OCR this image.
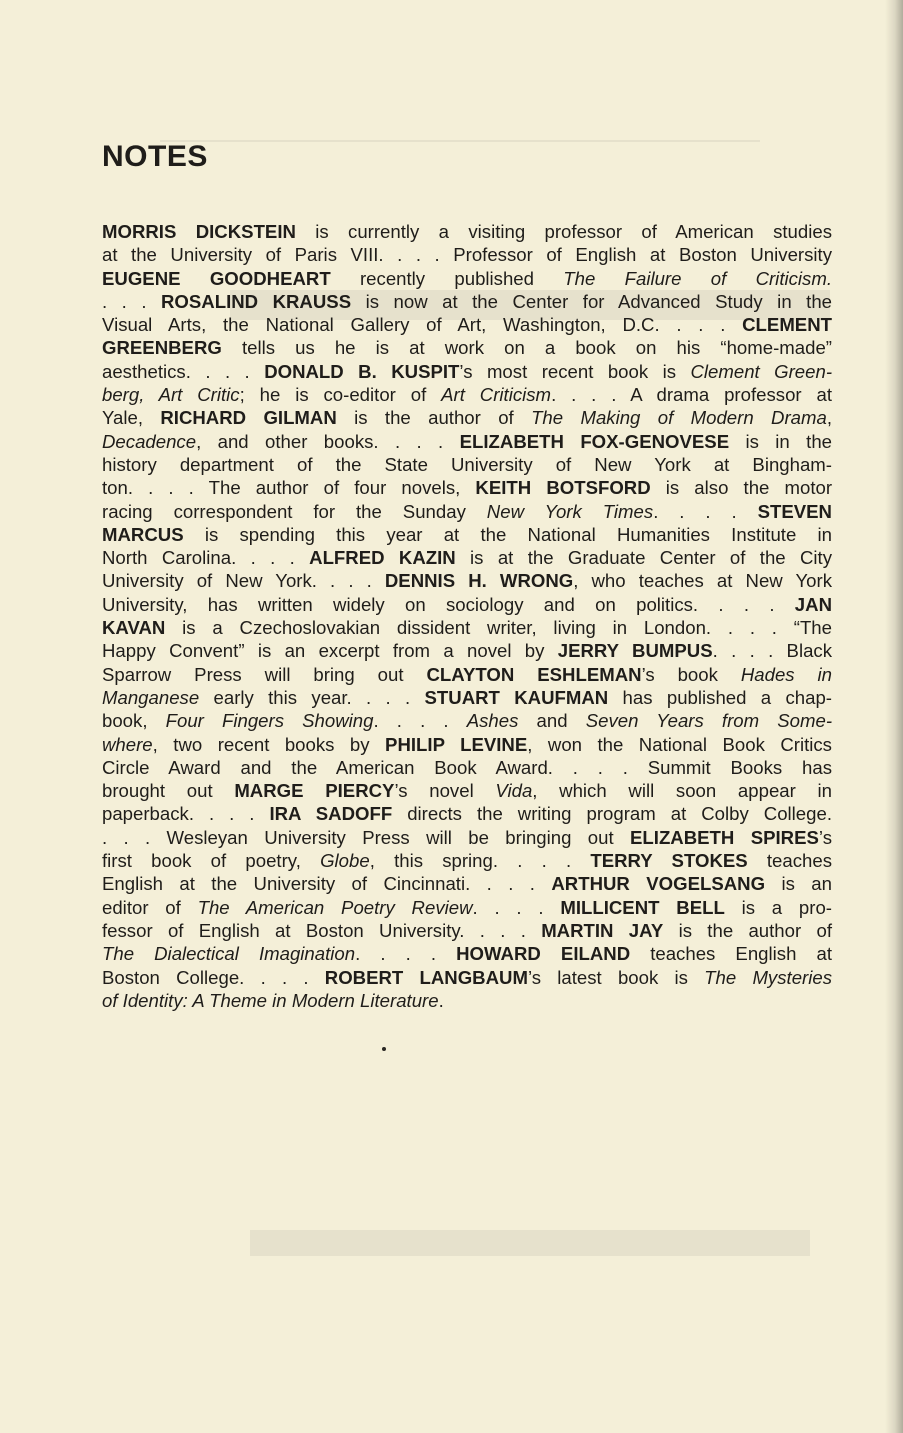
NOTES
MORRIS DICKSTEIN is currently a visiting professor of American studies
at the University of Paris VIII. . . . Professor of English at Boston University
EUGENE GOODHEART recently published The Failure of Criticism.
. . . ROSALIND KRAUSS is now at the Center for Advanced Study in the
Visual Arts, the National Gallery of Art, Washington, D.C. . . . CLEMENT
GREENBERG tells us he is at work on a book on his “home-made”
aesthetics. . . . DONALD B. KUSPIT’s most recent book is Clement Green-
berg, Art Critic; he is co-editor of Art Criticism. . . . A drama professor at
Yale, RICHARD GILMAN is the author of The Making of Modern Drama,
Decadence, and other books. . . . ELIZABETH FOX-GENOVESE is in the
history department of the State University of New York at Bingham-
ton. . . . The author of four novels, KEITH BOTSFORD is also the motor
racing correspondent for the Sunday New York Times. . . . STEVEN
MARCUS is spending this year at the National Humanities Institute in
North Carolina. . . . ALFRED KAZIN is at the Graduate Center of the City
University of New York. . . . DENNIS H. WRONG, who teaches at New York
University, has written widely on sociology and on politics. . . . JAN
KAVAN is a Czechoslovakian dissident writer, living in London. . . . “The
Happy Convent” is an excerpt from a novel by JERRY BUMPUS. . . . Black
Sparrow Press will bring out CLAYTON ESHLEMAN’s book Hades in
Manganese early this year. . . . STUART KAUFMAN has published a chap-
book, Four Fingers Showing. . . . Ashes and Seven Years from Some-
where, two recent books by PHILIP LEVINE, won the National Book Critics
Circle Award and the American Book Award. . . . Summit Books has
brought out MARGE PIERCY’s novel Vida, which will soon appear in
paperback. . . . IRA SADOFF directs the writing program at Colby College.
. . . Wesleyan University Press will be bringing out ELIZABETH SPIRES’s
first book of poetry, Globe, this spring. . . . TERRY STOKES teaches
English at the University of Cincinnati. . . . ARTHUR VOGELSANG is an
editor of The American Poetry Review. . . . MILLICENT BELL is a pro-
fessor of English at Boston University. . . . MARTIN JAY is the author of
The Dialectical Imagination. . . . HOWARD EILAND teaches English at
Boston College. . . . ROBERT LANGBAUM’s latest book is The Mysteries
of Identity: A Theme in Modern Literature.
